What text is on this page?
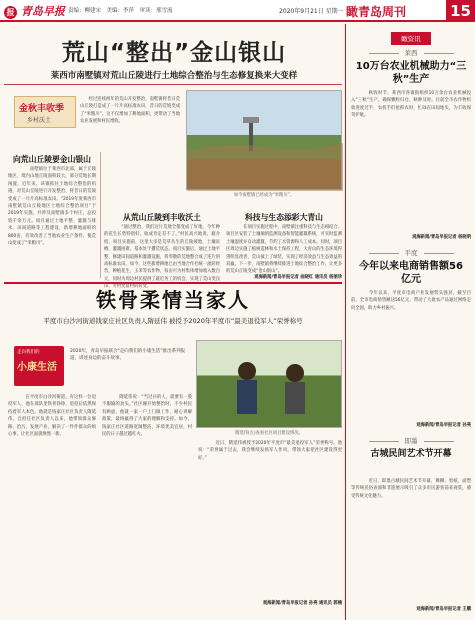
报 青岛早报 责编：柳建宋　美编：李萍　审读：邢雪流	2020年9月21日 星期一 瞰青岛周刊	15
荒山“整出”金山银山
莱西市南墅镇对荒山丘陵进行土地综合整治与生态修复换来大变样
金秋丰收季
乡村沃土
经过连续两年的荒山开发整治，南墅镇将昔日荒山丘陵打造成了一片片高标准农田，昔日的荒坡变成了“米粮川”，这不仅增加了耕地面积，更带动了当地农业发展和村民增收。
如今南墅镇已经成为“米粮川”。
向荒山丘陵要金山银山
　　　南墅镇位于莱西市北部，属于丘陵地区，境内山地丘陵面积较大，部分荒地长期闲置。近年来，该镇抓住土地综合整治的机遇，对荒山丘陵进行开发整治，将昔日的荒坡变成了一片片高标准农田。“2019年度莱西市南墅镇荒山丘陵地区土地综合整治项目”于2019年实施，共涉及南墅镇多个村庄，总投资千余万元。项目通过土地平整、灌溉与排水、田间道路等工程建设，新增耕地面积约800亩，有效改善了当地农业生产条件，使荒山变成了“米粮川”。
从荒山丘陵到丰收沃土
　　“通过整治，我们这片荒地全都变成了好地，今年种的花生长势特别好，收成肯定差不了。”村民高兴地说。据介绍，项目实施前，这里大多是荒草丛生的丘陵坡地，土壤贫瘠，灌溉困难，基本处于撂荒状态。项目实施后，通过土地平整、修建田间道路和灌溉设施，将零散的荒地整合成了连片的高标准农田。如今，这些新增耕地已由当地合作社统一流转经营，种植花生、玉米等农作物，每亩可为村集体增加收入数百元，同时为周边村民提供了就近务工的机会，实现了荒山变良田、穷村变富村的转变。
科技与生态添彩大青山
　　在项目实施过程中，南墅镇注重科技与生态相结合。项目区安装了土壤墒情监测设备和智能灌溉系统，可实时监测土壤湿度并自动灌溉，节约了水资源和人工成本。同时，项目区周边实施了植树造林和水土保持工程，大青山的生态环境得到明显改善，荒山披上了绿装，实现了经济效益与生态效益的双赢。下一步，南墅镇将继续推进土地综合整治工作，让更多的荒山丘陵变成“金山银山”。
观海新闻/青岛早报记者 曲晓红 通讯员 杨丽珍
铁骨柔情当家人
平度市白沙河街道钱家庄社区负责人隋延伟 被授予2020年平度市“最美退役军人”荣誉称号
走向我们的
小康生活
2020年，青岛早报联合“走向我们的小康生活”推出系列报道，讲述身边的奋斗故事。
隋延伟(左)查看社区项目建设情况。
　　在平度市白沙河街道，有这样一位退役军人，他在部队里铁骨铮铮，退役后依然保持着军人本色。他就是钱家庄社区负责人隋延伟。自担任社区负责人以来，他带领群众修路、治污、发展产业，解决了一件件群众的烦心事，让社区面貌焕然一新。
　　隋延伟说：“当过兵的人，就要有一股不服输的劲头。”社区刚开始整治时，不少村民有顾虑，他就一家一户上门做工作，耐心讲解政策，最终赢得了大家的理解和支持。如今，钱家庄社区道路宽阔整洁，环境优美宜居，村民的日子越过越红火。
　　近日，隋延伟被授予2020年平度市“最美退役军人”荣誉称号。他说：“荣誉属于过去，我会继续发扬军人作风，带领大家把社区建设得更好。”
观海新闻/青岛早报记者 孙亮 通讯员 郭楠
瞰资讯
莱西
10万台农业机械助力“三秋”生产
　　秋收时节，莱西市各镇街组织10万余台农业机械投入“三秋”生产，确保颗粒归仓、秋种及时。目前全市农作物机收进度过半，农机手们抢抓农时，忙碌在田间地头，为丰收保驾护航。
观海新闻/青岛早报记者 杨晓明
平度
今年以来电商销售额56亿元
　　今年以来，平度市电商产业发展势头强劲，截至目前，全市电商销售额达56亿元，带动了大批农产品通过网络走向全国，助力乡村振兴。
观海新闻/青岛早报记者 孙亮
即墨
古城民间艺术节开幕
　　近日，即墨古城民间艺术节开幕，舞狮、剪纸、面塑等传统民俗表演和非遗展示吸引了众多市民游客前来观赏，感受传统文化魅力。
观海新闻/青岛早报记者 王鹏
